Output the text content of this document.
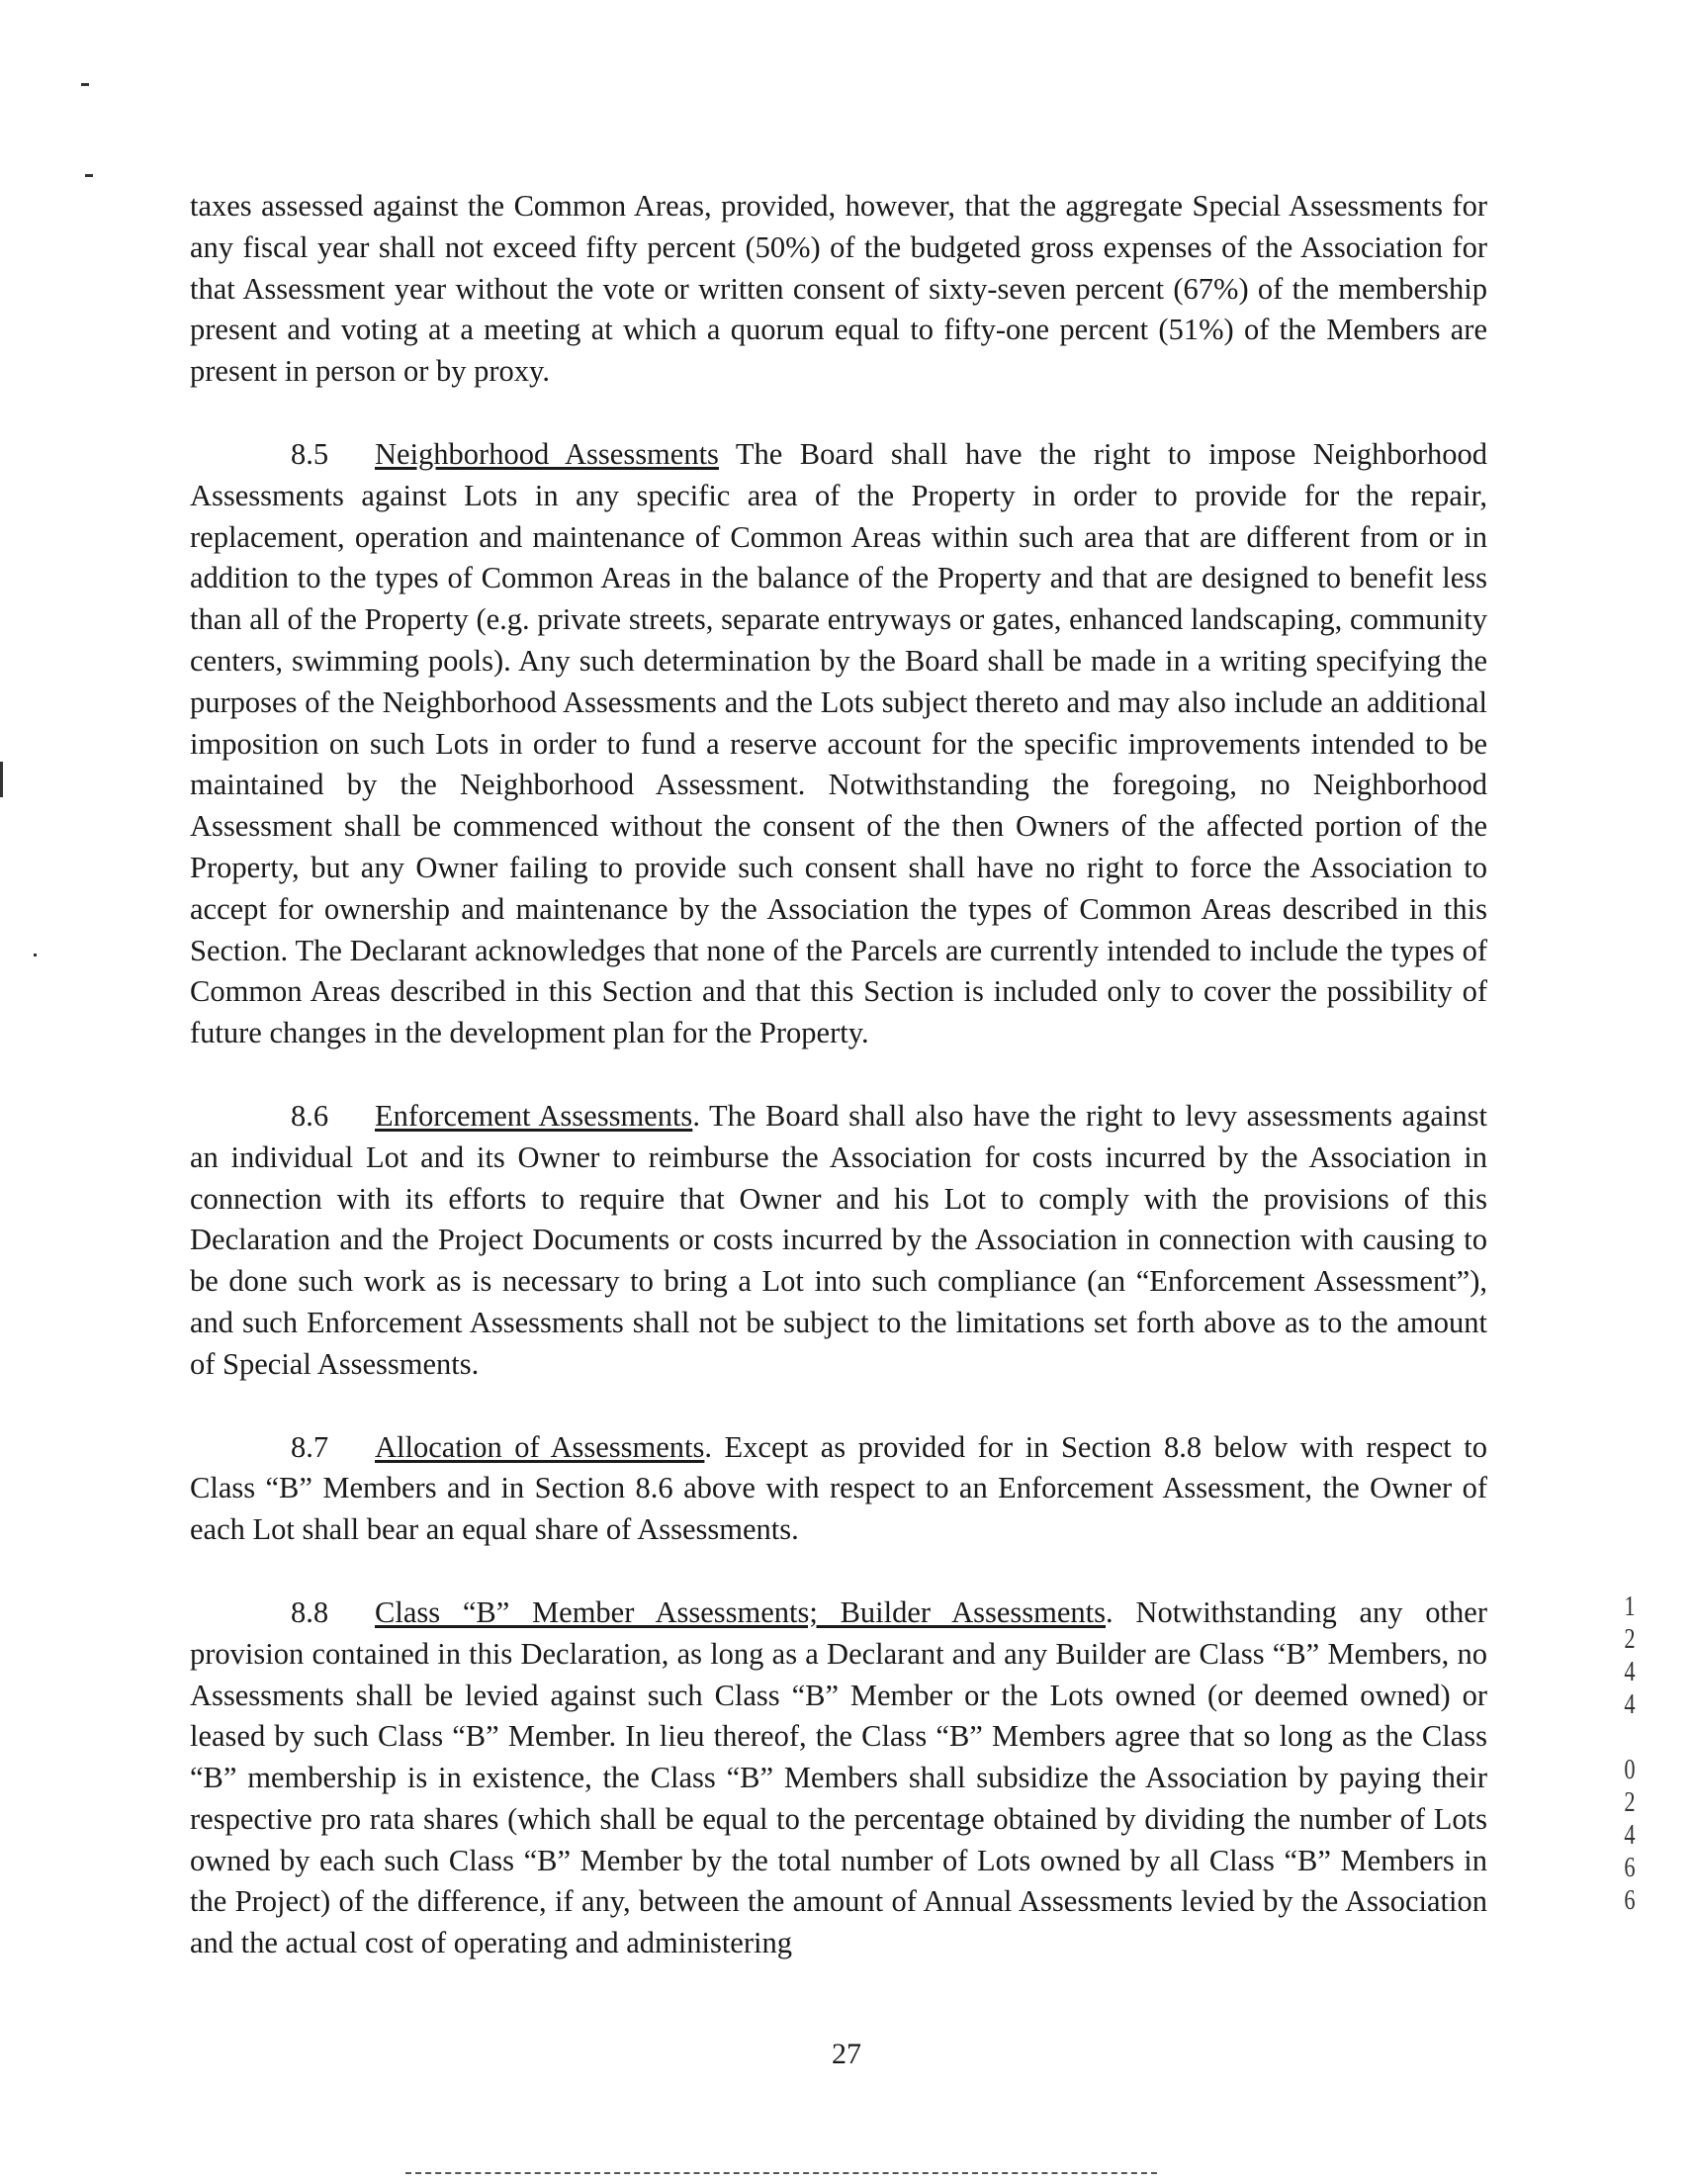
taxes assessed against the Common Areas, provided, however, that the aggregate Special Assessments for any fiscal year shall not exceed fifty percent (50%) of the budgeted gross expenses of the Association for that Assessment year without the vote or written consent of sixty-seven percent (67%) of the membership present and voting at a meeting at which a quorum equal to fifty-one percent (51%) of the Members are present in person or by proxy.

8.5 Neighborhood Assessments The Board shall have the right to impose Neighborhood Assessments against Lots in any specific area of the Property in order to provide for the repair, replacement, operation and maintenance of Common Areas within such area that are different from or in addition to the types of Common Areas in the balance of the Property and that are designed to benefit less than all of the Property (e.g. private streets, separate entryways or gates, enhanced landscaping, community centers, swimming pools). Any such determination by the Board shall be made in a writing specifying the purposes of the Neighborhood Assessments and the Lots subject thereto and may also include an additional imposition on such Lots in order to fund a reserve account for the specific improvements intended to be maintained by the Neighborhood Assessment. Notwithstanding the foregoing, no Neighborhood Assessment shall be commenced without the consent of the then Owners of the affected portion of the Property, but any Owner failing to provide such consent shall have no right to force the Association to accept for ownership and maintenance by the Association the types of Common Areas described in this Section. The Declarant acknowledges that none of the Parcels are currently intended to include the types of Common Areas described in this Section and that this Section is included only to cover the possibility of future changes in the development plan for the Property.

8.6 Enforcement Assessments. The Board shall also have the right to levy assessments against an individual Lot and its Owner to reimburse the Association for costs incurred by the Association in connection with its efforts to require that Owner and his Lot to comply with the provisions of this Declaration and the Project Documents or costs incurred by the Association in connection with causing to be done such work as is necessary to bring a Lot into such compliance (an “Enforcement Assessment”), and such Enforcement Assessments shall not be subject to the limitations set forth above as to the amount of Special Assessments.

8.7 Allocation of Assessments. Except as provided for in Section 8.8 below with respect to Class “B” Members and in Section 8.6 above with respect to an Enforcement Assessment, the Owner of each Lot shall bear an equal share of Assessments.

8.8 Class “B” Member Assessments; Builder Assessments. Notwithstanding any other provision contained in this Declaration, as long as a Declarant and any Builder are Class “B” Members, no Assessments shall be levied against such Class “B” Member or the Lots owned (or deemed owned) or leased by such Class “B” Member. In lieu thereof, the Class “B” Members agree that so long as the Class “B” membership is in existence, the Class “B” Members shall subsidize the Association by paying their respective pro rata shares (which shall be equal to the percentage obtained by dividing the number of Lots owned by each such Class “B” Member by the total number of Lots owned by all Class “B” Members in the Project) of the difference, if any, between the amount of Annual Assessments levied by the Association and the actual cost of operating and administering

1
2
4
4

0
2
4
6
6
27
